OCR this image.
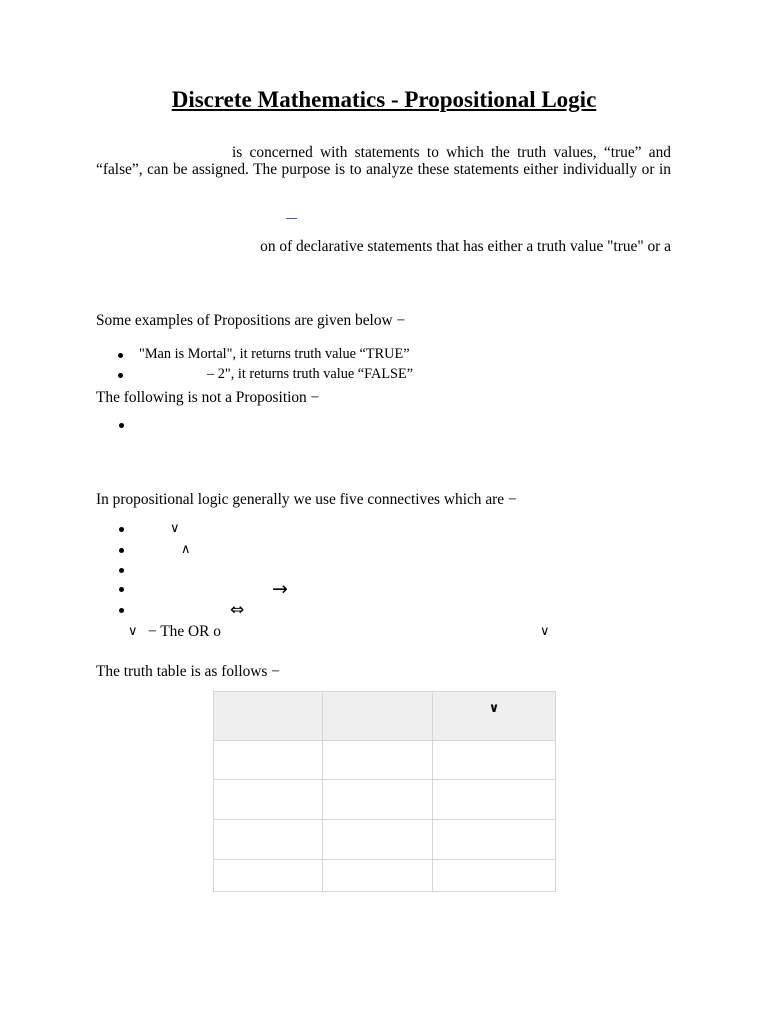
Discrete Mathematics - Propositional Logic
is concerned with statements to which the truth values, “true” and
“false”, can be assigned. The purpose is to analyze these statements either individually or in
on of declarative statements that has either a truth value "true" or a
Some examples of Propositions are given below −
"Man is Mortal", it returns truth value “TRUE”
– 2", it returns truth value “FALSE”
The following is not a Proposition −
In propositional logic generally we use five connectives which are −
∨
∧
→
⇔
∨ − The OR o	∨
The truth table is as follows −
		∨
